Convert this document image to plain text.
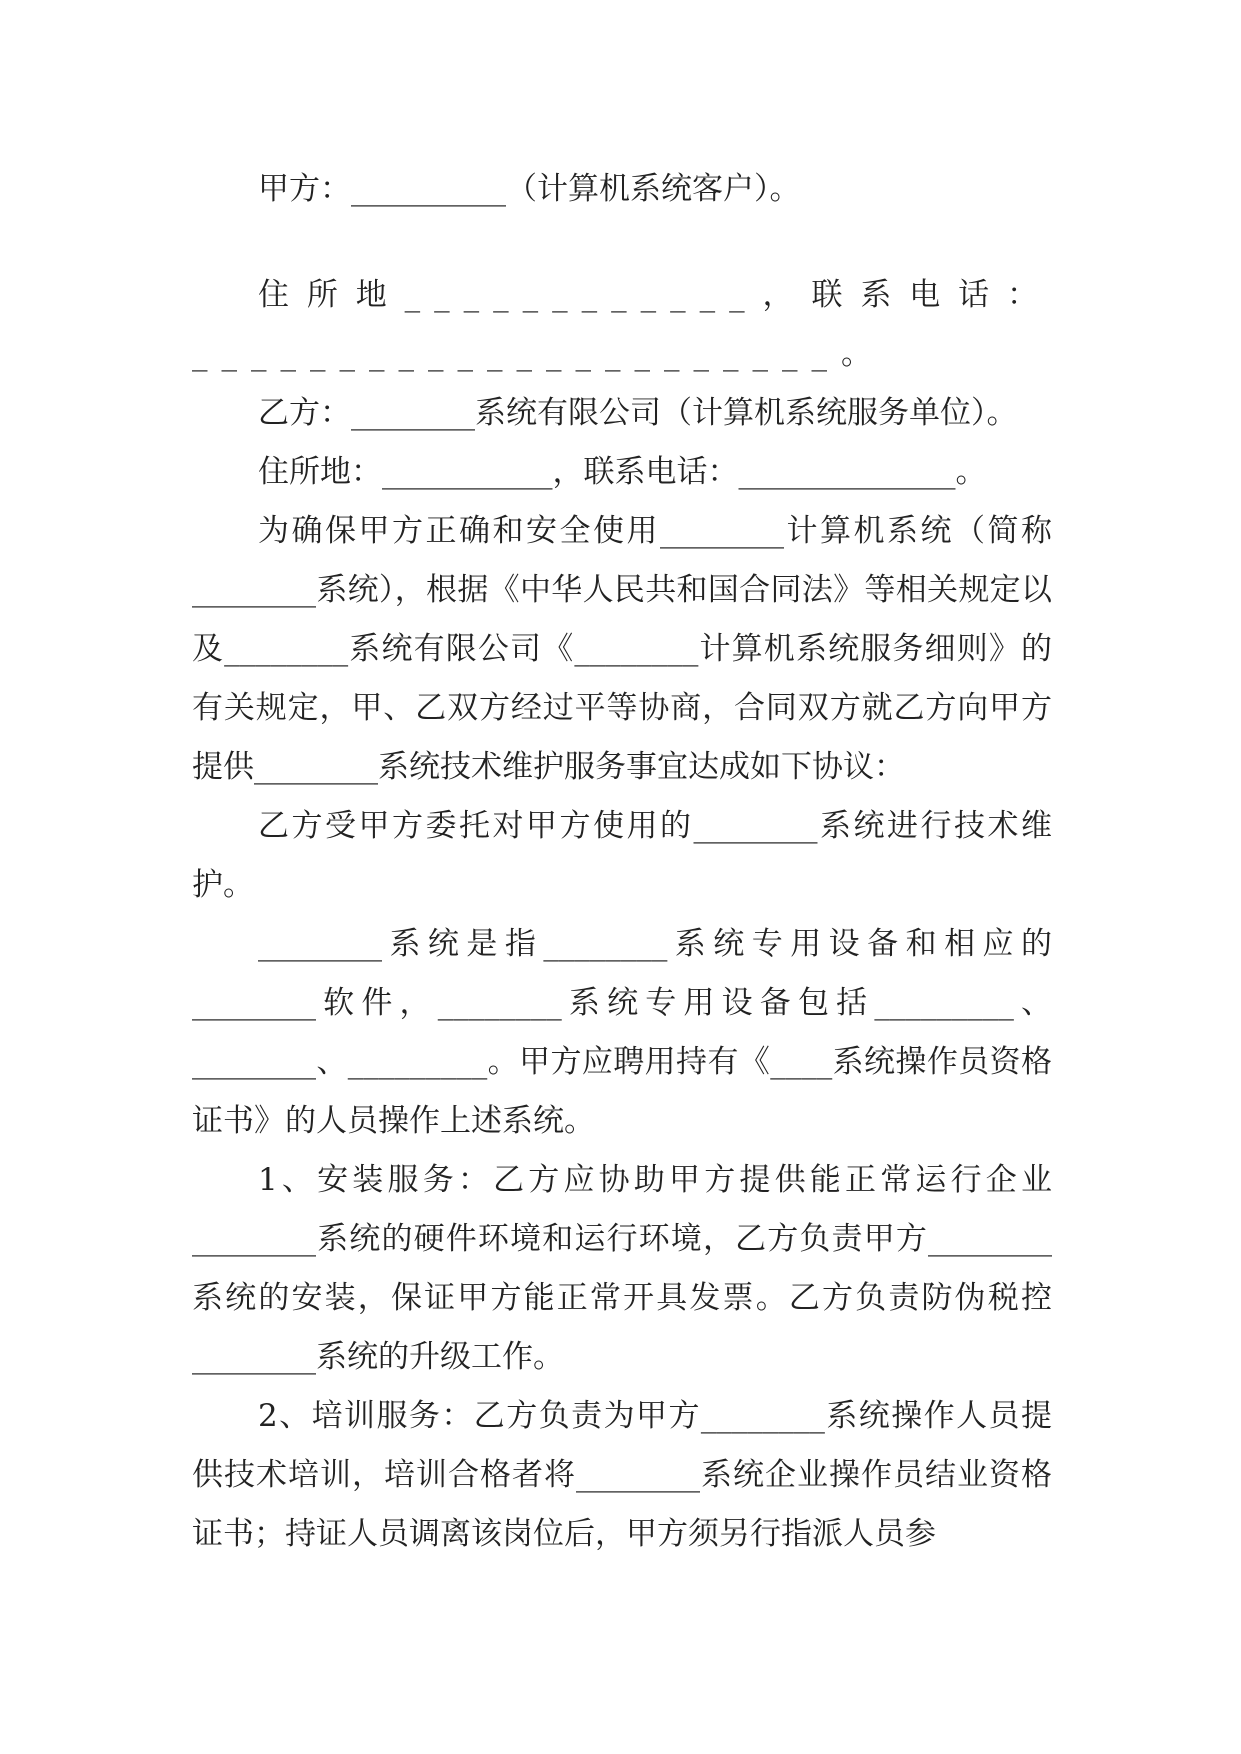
甲方：__________（计算机系统客户）。

住所地____________，联系电话：______________________。

乙方：________系统有限公司（计算机系统服务单位）。

住所地：___________，联系电话：______________。

为确保甲方正确和安全使用________计算机系统（简称________系统），根据《中华人民共和国合同法》等相关规定以及________系统有限公司《________计算机系统服务细则》的有关规定，甲、乙双方经过平等协商，合同双方就乙方向甲方提供________系统技术维护服务事宜达成如下协议：

乙方受甲方委托对甲方使用的________系统进行技术维护。

________系统是指________系统专用设备和相应的________软件，________系统专用设备包括_________、________、_________。甲方应聘用持有《____系统操作员资格证书》的人员操作上述系统。

1、安装服务：乙方应协助甲方提供能正常运行企业________系统的硬件环境和运行环境，乙方负责甲方________系统的安装，保证甲方能正常开具发票。乙方负责防伪税控________系统的升级工作。

2、培训服务：乙方负责为甲方________系统操作人员提供技术培训，培训合格者将________系统企业操作员结业资格证书；持证人员调离该岗位后，甲方须另行指派人员参
